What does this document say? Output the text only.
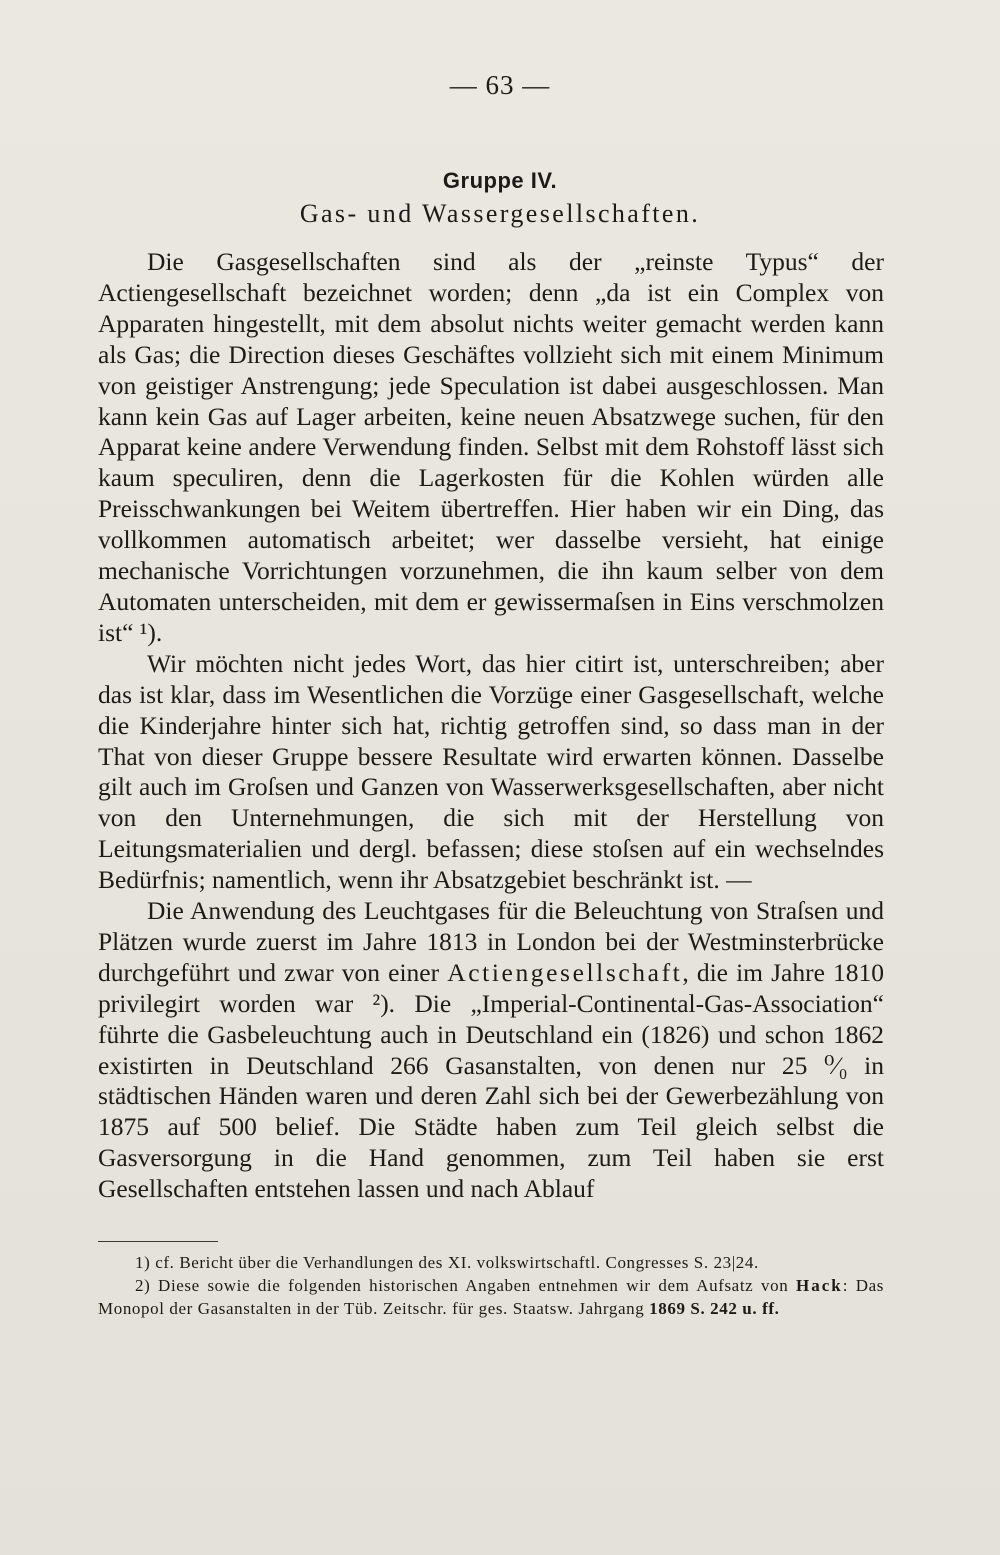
— 63 —
Gruppe IV.
Gas- und Wassergesellschaften.

Die Gasgesellschaften sind als der „reinste Typus“ der Actiengesellschaft bezeichnet worden; denn „da ist ein Complex von Apparaten hingestellt, mit dem absolut nichts weiter gemacht werden kann als Gas; die Direction dieses Geschäftes vollzieht sich mit einem Minimum von geistiger Anstrengung; jede Speculation ist dabei ausgeschlossen. Man kann kein Gas auf Lager arbeiten, keine neuen Absatzwege suchen, für den Apparat keine andere Verwendung finden. Selbst mit dem Rohstoff lässt sich kaum speculiren, denn die Lagerkosten für die Kohlen würden alle Preisschwankungen bei Weitem übertreffen. Hier haben wir ein Ding, das vollkommen automatisch arbeitet; wer dasselbe versieht, hat einige mechanische Vorrichtungen vorzunehmen, die ihn kaum selber von dem Automaten unterscheiden, mit dem er gewissermaſsen in Eins verschmolzen ist“ ¹).

Wir möchten nicht jedes Wort, das hier citirt ist, unterschreiben; aber das ist klar, dass im Wesentlichen die Vorzüge einer Gasgesellschaft, welche die Kinderjahre hinter sich hat, richtig getroffen sind, so dass man in der That von dieser Gruppe bessere Resultate wird erwarten können. Dasselbe gilt auch im Groſsen und Ganzen von Wasserwerksgesellschaften, aber nicht von den Unternehmungen, die sich mit der Herstellung von Leitungsmaterialien und dergl. befassen; diese stoſsen auf ein wechselndes Bedürfnis; namentlich, wenn ihr Absatzgebiet beschränkt ist. —

Die Anwendung des Leuchtgases für die Beleuchtung von Straſsen und Plätzen wurde zuerst im Jahre 1813 in London bei der Westminsterbrücke durchgeführt und zwar von einer Actiengesellschaft, die im Jahre 1810 privilegirt worden war ²). Die „Imperial-Continental-Gas-Association“ führte die Gasbeleuchtung auch in Deutschland ein (1826) und schon 1862 existirten in Deutschland 266 Gasanstalten, von denen nur 25 ⁰⁄₀ in städtischen Händen waren und deren Zahl sich bei der Gewerbezählung von 1875 auf 500 belief. Die Städte haben zum Teil gleich selbst die Gasversorgung in die Hand genommen, zum Teil haben sie erst Gesellschaften entstehen lassen und nach Ablauf

1) cf. Bericht über die Verhandlungen des XI. volkswirtschaftl. Congresses S. 23|24.

2) Diese sowie die folgenden historischen Angaben entnehmen wir dem Aufsatz von Hack: Das Monopol der Gasanstalten in der Tüb. Zeitschr. für ges. Staatsw. Jahrgang 1869 S. 242 u. ff.
